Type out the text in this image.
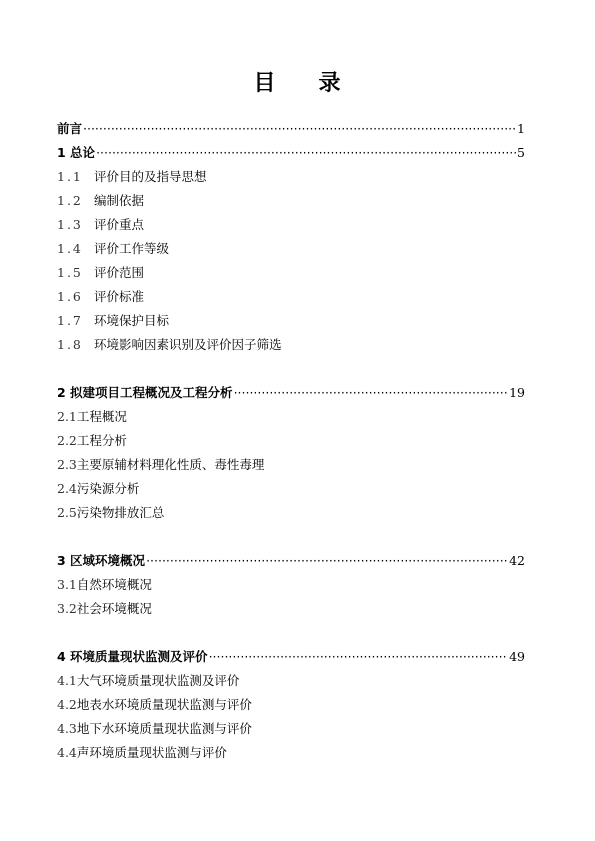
目 录
前言 ·····	1
1 总论 ·····	5
1.1 评价目的及指导思想
1.2 编制依据
1.3 评价重点
1.4 评价工作等级
1.5 评价范围
1.6 评价标准
1.7 环境保护目标
1.8 环境影响因素识别及评价因子筛选
2 拟建项目工程概况及工程分析 ·····	19
2.1工程概况
2.2工程分析
2.3主要原辅材料理化性质、毒性毒理
2.4污染源分析
2.5污染物排放汇总
3 区域环境概况 ·····	42
3.1自然环境概况
3.2社会环境概况
4 环境质量现状监测及评价 ·····	49
4.1大气环境质量现状监测及评价
4.2地表水环境质量现状监测与评价
4.3地下水环境质量现状监测与评价
4.4声环境质量现状监测与评价
